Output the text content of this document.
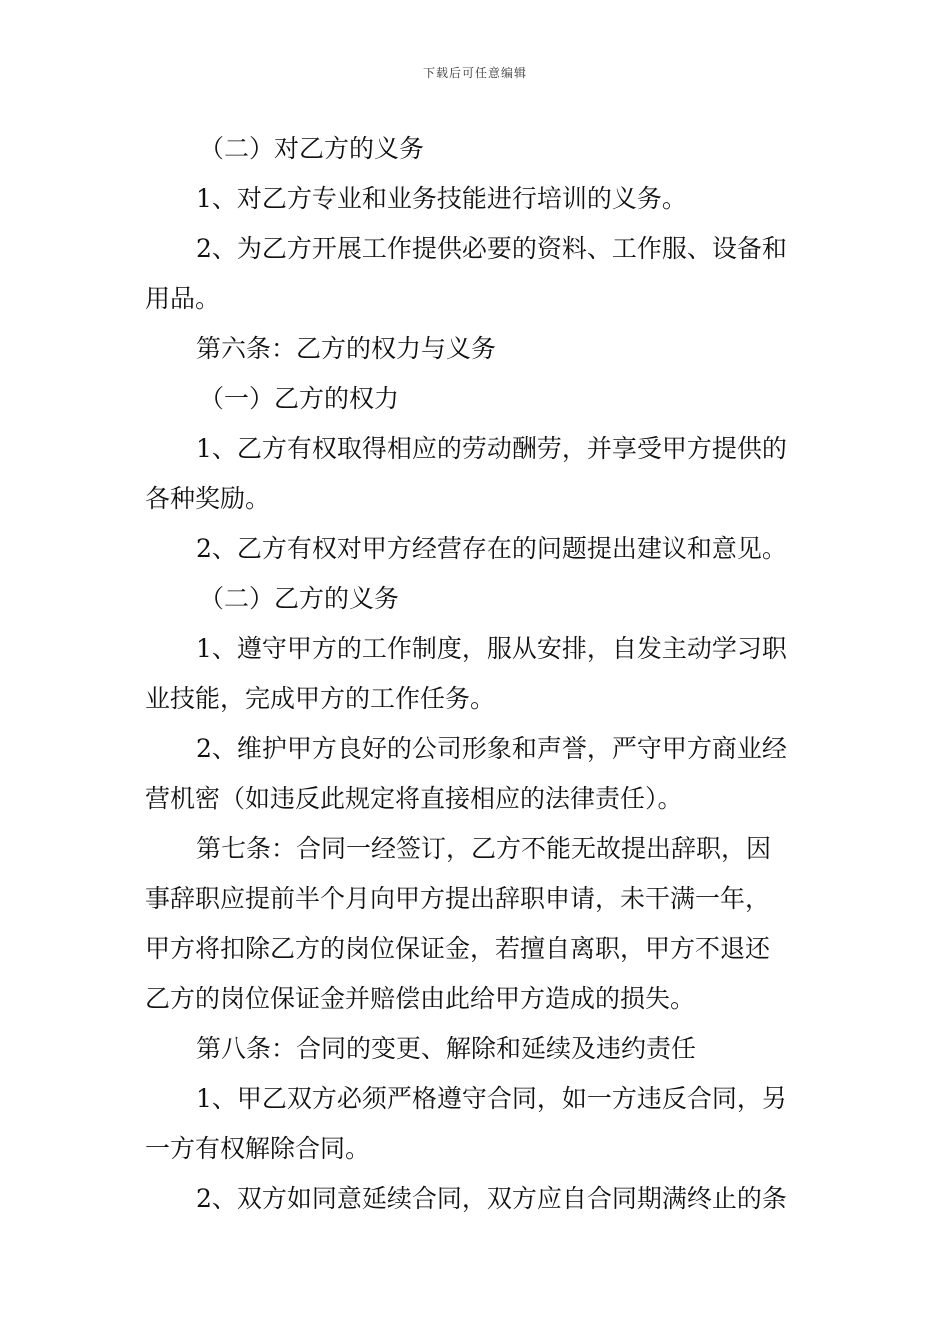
下载后可任意编辑
（二）对乙方的义务
1、对乙方专业和业务技能进行培训的义务。
2、为乙方开展工作提供必要的资料、工作服、设备和
用品。
第六条：乙方的权力与义务
（一）乙方的权力
1、乙方有权取得相应的劳动酬劳，并享受甲方提供的
各种奖励。
2、乙方有权对甲方经营存在的问题提出建议和意见。
（二）乙方的义务
1、遵守甲方的工作制度，服从安排，自发主动学习职
业技能，完成甲方的工作任务。
2、维护甲方良好的公司形象和声誉，严守甲方商业经
营机密（如违反此规定将直接相应的法律责任）。
第七条：合同一经签订，乙方不能无故提出辞职，因
事辞职应提前半个月向甲方提出辞职申请，未干满一年，
甲方将扣除乙方的岗位保证金，若擅自离职，甲方不退还
乙方的岗位保证金并赔偿由此给甲方造成的损失。
第八条：合同的变更、解除和延续及违约责任
1、甲乙双方必须严格遵守合同，如一方违反合同，另
一方有权解除合同。
2、双方如同意延续合同，双方应自合同期满终止的条
